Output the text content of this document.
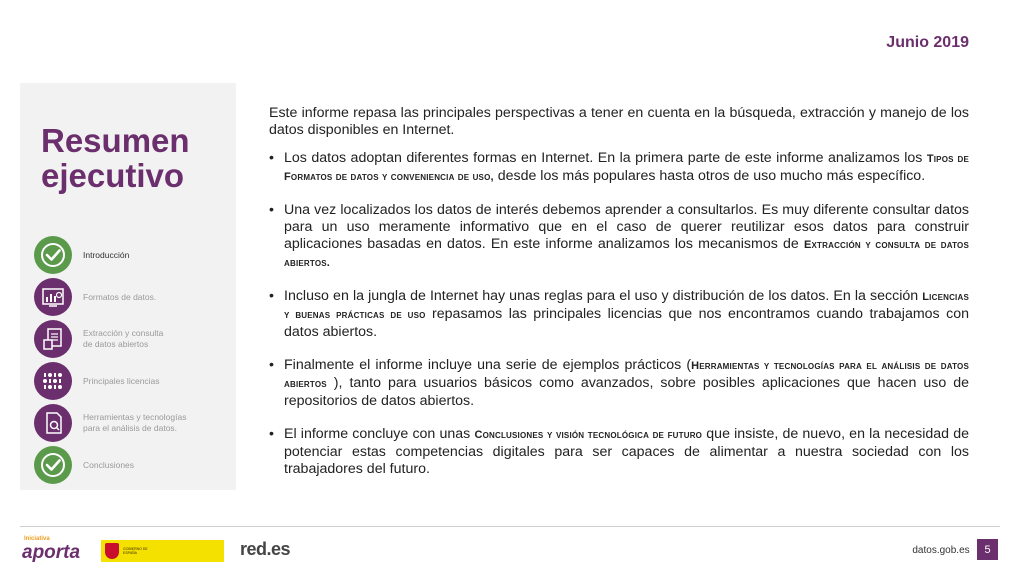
Junio 2019
Resumen
ejecutivo
Introducción
Formatos de datos.
Extracción y consulta
de datos abiertos
Principales licencias
Herramientas y tecnologías
para el análisis de datos.
Conclusiones

Este informe repasa las principales perspectivas a tener en cuenta en la búsqueda, extracción y manejo de los datos disponibles en Internet.

• Los datos adoptan diferentes formas en Internet. En la primera parte de este informe analizamos los Tipos de Formatos de datos y conveniencia de uso, desde los más populares hasta otros de uso mucho más específico.
• Una vez localizados los datos de interés debemos aprender a consultarlos. Es muy diferente consultar datos para un uso meramente informativo que en el caso de querer reutilizar esos datos para construir aplicaciones basadas en datos. En este informe analizamos los mecanismos de Extracción y consulta de datos abiertos.
• Incluso en la jungla de Internet hay unas reglas para el uso y distribución de los datos. En la sección Licencias y buenas prácticas de uso repasamos las principales licencias que nos encontramos cuando trabajamos con datos abiertos.
• Finalmente el informe incluye una serie de ejemplos prácticos (Herramientas y tecnologías para el análisis de datos abiertos ), tanto para usuarios básicos como avanzados, sobre posibles aplicaciones que hacen uso de repositorios de datos abiertos.
• El informe concluye con unas Conclusiones y visión tecnológica de futuro que insiste, de nuevo, en la necesidad de potenciar estas competencias digitales para ser capaces de alimentar a nuestra sociedad con los trabajadores del futuro.
Iniciativa
aporta	GOBIERNO DE ESPAÑA	red.es	datos.gob.es	5
